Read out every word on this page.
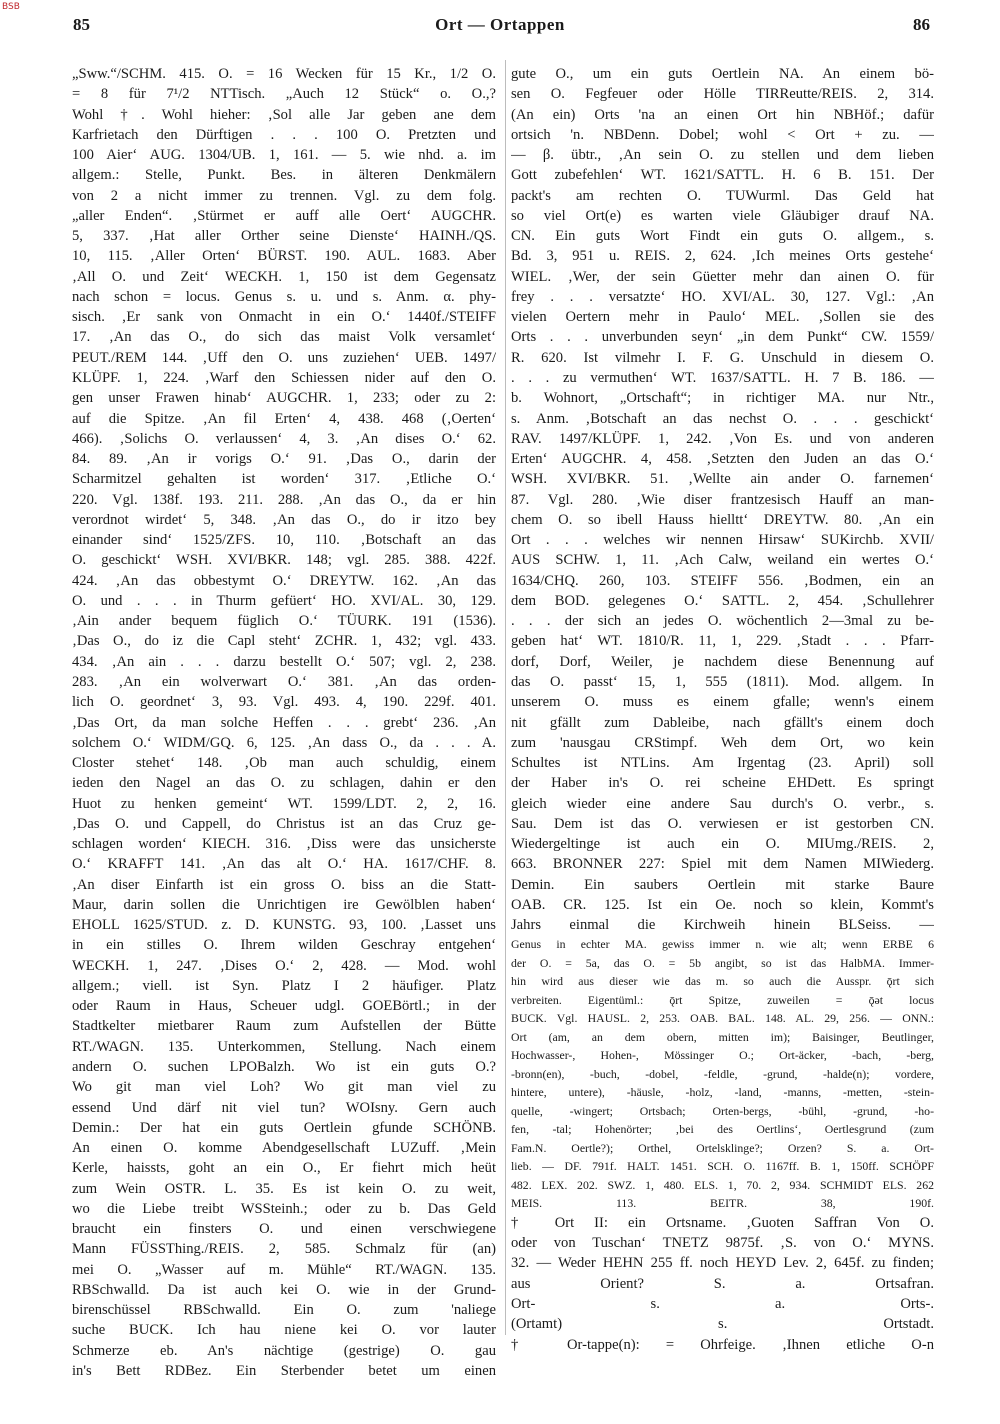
BSB
85	Ort — Ortappen	86
„Sww.“/SCHM. 415. O. = 16 Wecken für 15 Kr., 1/2 O.
= 8 für 7¹/2 NTTisch. „Auch 12 Stück“ o. O.,?
Wohl †. Wohl hieher: ‚Sol alle Jar geben ane dem
Karfrietach den Dürftigen . . . 100 O. Pretzten und
100 Aier‘ AUG. 1304/UB. 1, 161. — 5. wie nhd. a. im
allgem.: Stelle, Punkt. Bes. in älteren Denkmälern
von 2 a nicht immer zu trennen. Vgl. zu dem folg.
„aller Enden“. ‚Stürmet er auff alle Oert‘ AUGCHR.
5, 337. ‚Hat aller Orther seine Dienste‘ HAINH./QS.
10, 115. ‚Aller Orten‘ BÜRST. 190. AUL. 1683. Aber
‚All O. und Zeit‘ WECKH. 1, 150 ist dem Gegensatz
nach schon = locus. Genus s. u. und s. Anm. α. phy-
sisch. ‚Er sank von Onmacht in ein O.‘ 1440f./STEIFF
17. ‚An das O., do sich das maist Volk versamlet‘
PEUT./REM 144. ‚Uff den O. uns zuziehen‘ UEB. 1497/
KLÜPF. 1, 224. ‚Warf den Schiessen nider auf den O.
gen unser Frawen hinab‘ AUGCHR. 1, 233; oder zu 2:
auf die Spitze. ‚An fil Erten‘ 4, 438. 468 (‚Oerten‘
466). ‚Solichs O. verlaussen‘ 4, 3. ‚An dises O.‘ 62.
84. 89. ‚An ir vorigs O.‘ 91. ‚Das O., darin der
Scharmitzel gehalten ist worden‘ 317. ‚Etliche O.‘
220. Vgl. 138f. 193. 211. 288. ‚An das O., da er hin
verordnot wirdet‘ 5, 348. ‚An das O., do ir itzo bey
einander sind‘ 1525/ZFS. 10, 110. ‚Botschaft an das
O. geschickt‘ WSH. XVI/BKR. 148; vgl. 285. 388. 422f.
424. ‚An das obbestymt O.‘ DREYTW. 162. ‚An das
O. und . . . in Thurm gefüert‘ HO. XVI/AL. 30, 129.
‚Ain ander bequem füglich O.‘ TÜURK. 191 (1536).
‚Das O., do iz die Capl steht‘ ZCHR. 1, 432; vgl. 433.
434. ‚An ain . . . darzu bestellt O.‘ 507; vgl. 2, 238.
283. ‚An ein wolverwart O.‘ 381. ‚An das orden-
lich O. geordnet‘ 3, 93. Vgl. 493. 4, 190. 229f. 401.
‚Das Ort, da man solche Heffen . . . grebt‘ 236. ‚An
solchem O.‘ WIDM/GQ. 6, 125. ‚An dass O., da . . . A.
Closter stehet‘ 148. ‚Ob man auch schuldig, einem
ieden den Nagel an das O. zu schlagen, dahin er den
Huot zu henken gemeint‘ WT. 1599/LDT. 2, 2, 16.
‚Das O. und Cappell, do Christus ist an das Cruz ge-
schlagen worden‘ KIECH. 316. ‚Diss were das unsicherste
O.‘ KRAFFT 141. ‚An das alt O.‘ HA. 1617/CHF. 8.
‚An diser Einfarth ist ein gross O. biss an die Statt-
Maur, darin sollen die Unrichtigen ire Gewölblen haben‘
EHOLL 1625/STUD. z. D. KUNSTG. 93, 100. ‚Lasset uns
in ein stilles O. Ihrem wilden Geschray entgehen‘
WECKH. 1, 247. ‚Dises O.‘ 2, 428. — Mod. wohl
allgem.; viell. ist Syn. Platz I 2 häufiger. Platz
oder Raum in Haus, Scheuer udgl. GOEBörtl.; in der
Stadtkelter mietbarer Raum zum Aufstellen der Bütte
RT./WAGN. 135. Unterkommen, Stellung. Nach einem
andern O. suchen LPOBalzh. Wo ist ein guts O.?
Wo git man viel Loh? Wo git man viel zu
essend Und därf nit viel tun? WOIsny. Gern auch
Demin.: Der hat ein guts Oertlein gfunde SCHÖNB.
An einen O. komme Abendgesellschaft LUZuff. ‚Mein
Kerle, haissts, goht an ein O., Er fiehrt mich heüt
zum Wein OSTR. L. 35. Es ist kein O. zu weit,
wo die Liebe treibt WSSteinh.; oder zu b. Das Geld
braucht ein finsters O. und einen verschwiegene
Mann FÜSSThing./REIS. 2, 585. Schmalz für (an)
mei O. „Wasser auf m. Mühle“ RT./WAGN. 135.
RBSchwalld. Da ist auch kei O. wie in der Grund-
birenschüssel RBSchwalld. Ein O. zum 'naliege
suche BUCK. Ich hau niene kei O. vor lauter
Schmerze eb. An's nächtige (gestrige) O. gau
in's Bett RDBez. Ein Sterbender betet um einen
gute O., um ein guts Oertlein NA. An einem bö-
sen O. Fegfeuer oder Hölle TIRReutte/REIS. 2, 314.
(An ein) Orts 'na an einen Ort hin NBHöf.; dafür
ortsich 'n. NBDenn. Dobel; wohl < Ort + zu. —
— β. übtr., ‚An sein O. zu stellen und dem lieben
Gott zubefehlen‘ WT. 1621/SATTL. H. 6 B. 151. Der
packt's am rechten O. TUWurml. Das Geld hat
so viel Ort(e) es warten viele Gläubiger drauf NA.
CN. Ein guts Wort Findt ein guts O. allgem., s.
Bd. 3, 951 u. REIS. 2, 624. ‚Ich meines Orts gestehe‘
WIEL. ‚Wer, der sein Güetter mehr dan ainen O. für
frey . . . versatzte‘ HO. XVI/AL. 30, 127. Vgl.: ‚An
vielen Oertern mehr in Paulo‘ MEL. ‚Sollen sie des
Orts . . . unverbunden seyn‘ „in dem Punkt“ CW. 1559/
R. 620. Ist vilmehr I. F. G. Unschuld in diesem O.
. . . zu vermuthen‘ WT. 1637/SATTL. H. 7 B. 186. —
b. Wohnort, „Ortschaft“; in richtiger MA. nur Ntr.,
s. Anm. ‚Botschaft an das nechst O. . . . geschickt‘
RAV. 1497/KLÜPF. 1, 242. ‚Von Es. und von anderen
Erten‘ AUGCHR. 4, 458. ‚Setzten den Juden an das O.‘
WSH. XVI/BKR. 51. ‚Wellte ain ander O. farnemen‘
87. Vgl. 280. ‚Wie diser frantzesisch Hauff an man-
chem O. so ibell Hauss hielltt‘ DREYTW. 80. ‚An ein
Ort . . . welches wir nennen Hirsaw‘ SUKirchb. XVII/
AUS SCHW. 1, 11. ‚Ach Calw, weiland ein wertes O.‘
1634/CHQ. 260, 103. STEIFF 556. ‚Bodmen, ein an
dem BOD. gelegenes O.‘ SATTL. 2, 454. ‚Schullehrer
. . . der sich an jedes O. wöchentlich 2—3mal zu be-
geben hat‘ WT. 1810/R. 11, 1, 229. ‚Stadt . . . Pfarr-
dorf, Dorf, Weiler, je nachdem diese Benennung auf
das O. passt‘ 15, 1, 555 (1811). Mod. allgem. In
unserem O. muss es einem gfalle; wenn's einem
nit gfällt zum Dableibe, nach gfällt's einem doch
zum 'nausgau CRStimpf. Weh dem Ort, wo kein
Schultes ist NTLins. Am Irgentag (23. April) soll
der Haber in's O. rei scheine EHDett. Es springt
gleich wieder eine andere Sau durch's O. verbr., s.
Sau. Dem ist das O. verwiesen er ist gestorben CN.
Wiedergeltinge ist auch ein O. MIUmg./REIS. 2,
663. BRONNER 227: Spiel mit dem Namen MIWiederg.
Demin. Ein saubers Oertlein mit starke Baure
OAB. CR. 125. Ist ein Oe. noch so klein, Kommt's
Jahrs einmal die Kirchweih hinein BLSeiss. —
Genus in echter MA. gewiss immer n. wie alt; wenn ERBE 6
der O. = 5a, das O. = 5b angibt, so ist das HalbMA. Immer-
hin wird aus dieser wie das m. so auch die Ausspr. ǭrt sich
verbreiten. Eigentüml.: ǭrt Spitze, zuweilen = ǭǝt locus
BUCK. Vgl. HAUSL. 2, 253. OAB. BAL. 148. AL. 29, 256. — ONN.:
Ort (am, an dem obern, mitten im); Baisinger, Beutlinger,
Hochwasser-, Hohen-, Mössinger O.; Ort-äcker, -bach, -berg,
-bronn(en), -buch, -dobel, -feldle, -grund, -halde(n); vordere,
hintere, untere), -häusle, -holz, -land, -manns, -metten, -stein-
quelle, -wingert; Ortsbach; Orten-bergs, -bühl, -grund, -ho-
fen, -tal; Hohenörter; ‚bei des Oertlins‘, Oertlesgrund (zum
Fam.N. Oertle?); Orthel, Ortelsklinge?; Orzen? S. a. Ort-
lieb. — DF. 791f. HALT. 1451. SCH. O. 1167ff. B. 1, 150ff. SCHÖPF
482. LEX. 202. SWZ. 1, 480. ELS. 1, 70. 2, 934. SCHMIDT ELS. 262
MEIS. 113. BEITR. 38, 190f.
† Ort II: ein Ortsname. ‚Guoten Saffran Von O.
oder von Tuschan‘ TNETZ 9875f. ‚S. von O.‘ MYNS.
32. — Weder HEHN 255 ff. noch HEYD Lev. 2, 645f. zu finden;
aus Orient? S. a. Ortsafran.
Ort- s. a. Orts-.
(Ortamt) s. Ortstadt.
† Or-tappe(n): = Ohrfeige. ‚Ihnen etliche O-n
